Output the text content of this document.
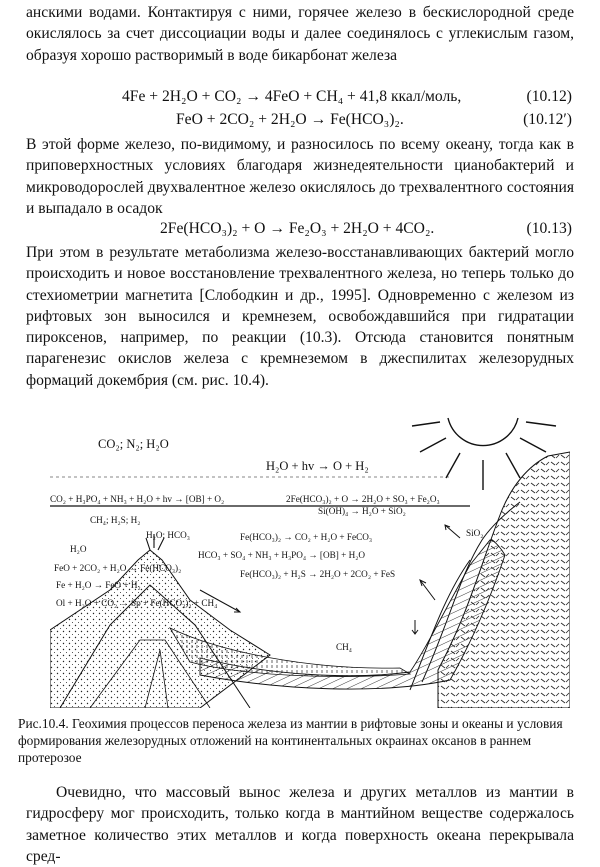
анскими водами. Контактируя с ними, горячее железо в бескислородной среде окислялось за счет диссоциации воды и далее соединялось с углекислым газом, образуя хорошо растворимый в воде бикарбонат железа

4Fe + 2H₂O + CO₂ → 4FeO + CH₄ + 41,8 ккал/моль,	(10.12)
FeO + 2CO₂ + 2H₂O → Fe(HCO₃)₂.	(10.12′)

В этой форме железо, по-видимому, и разносилось по всему океану, тогда как в приповерхностных условиях благодаря жизнедеятельности цианобактерий и микроводорослей двухвалентное железо окислялось до трехвалентного состояния и выпадало в осадок

2Fe(HCO₃)₂ + O → Fe₂O₃ + 2H₂O + 4CO₂.	(10.13)

При этом в результате метаболизма железо-восстанавливающих бактерий могло происходить и новое восстановление трехвалентного железа, но теперь только до стехиометрии магнетита [Слободкин и др., 1995]. Одновременно с железом из рифтовых зон выносился и кремнезем, освобождавшийся при гидратации пироксенов, например, по реакции (10.3). Отсюда становится понятным парагенезис окислов железа с кремнеземом в джеспилитах железорудных формаций докембрия (см. рис. 10.4).

CO₂; N₂; H₂O
H₂O + hv → O + H₂
CO₂ + H₃PO₄ + NH₃ + H₂O + hv → [OB] + O₂	2Fe(HCO₃)₂ + O → 2H₂O + SO₃ + Fe₂O₃
Si(OH)₄ → H₂O + SiO₂
SiO₂
CH₄; H₂S; H₂
H₂O; HCO₃
H₂O
Fe(HCO₃)₂ → CO₂ + H₂O + FeCO₃
HCO₃ + SO₄ + NH₃ + H₃PO₄ → [OB] + H₂O
FeO + 2CO₂ + H₂O → Fe(HCO₃)₂
Fe(HCO₃)₂ + H₂S → 2H₂O + 2CO₂ + FeS
Fe + H₂O → FeO + H₂
Ol + H₂O + CO₂ → Sp + Fe(HCO₃)₂ + CH₄
CH₄

Рис.10.4. Геохимия процессов переноса железа из мантии в рифтовые зоны и океаны и условия формирования железорудных отложений на континентальных окраинах оксанов в раннем протерозое

Очевидно, что массовый вынос железа и других металлов из мантии в гидросферу мог происходить, только когда в мантийном веществе содержалось заметное количество этих металлов и когда поверхность океана перекрывала сред-
